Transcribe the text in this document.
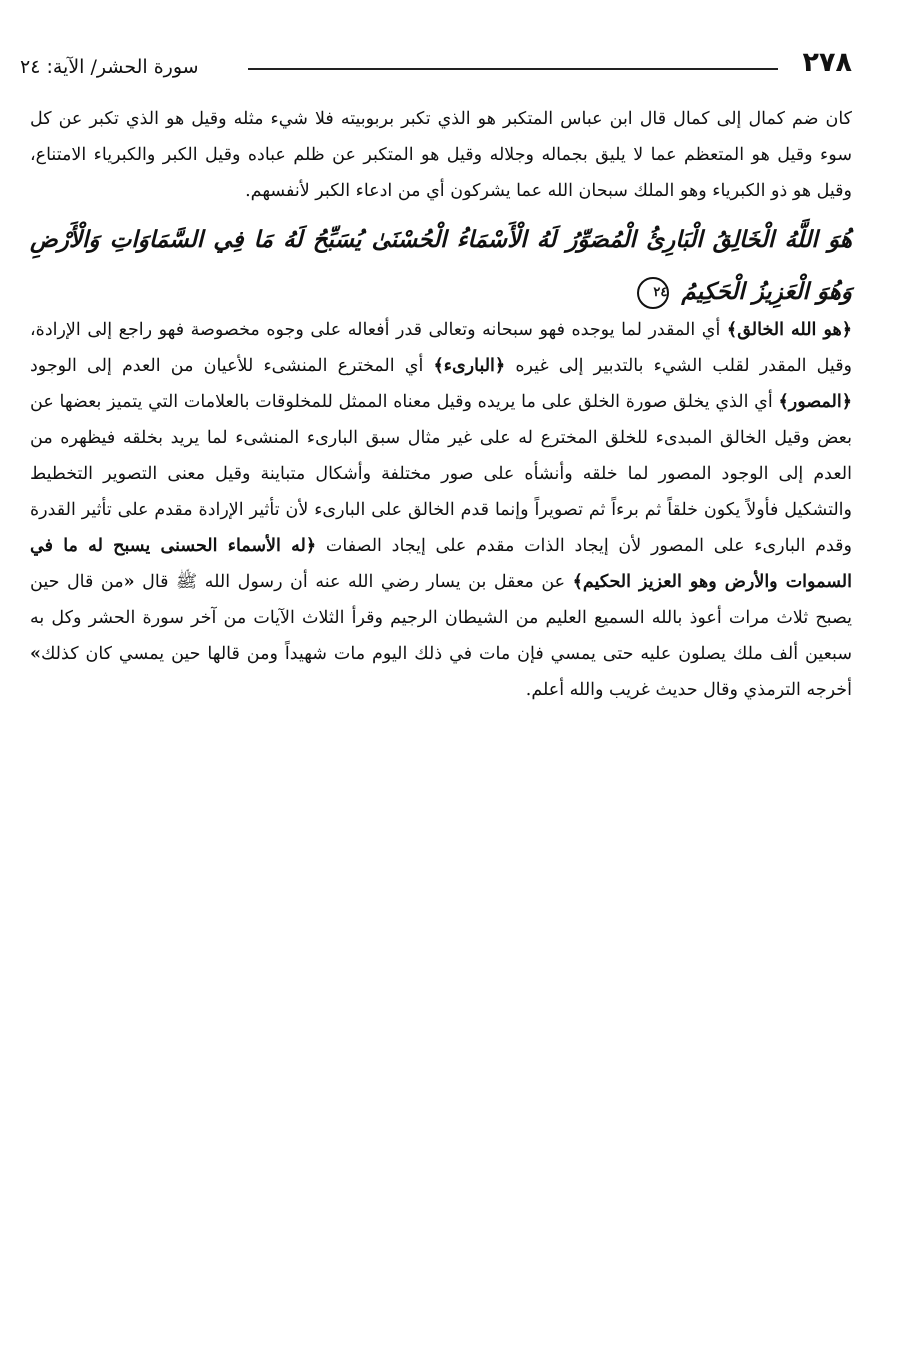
٢٧٨
سورة الحشر/ الآية: ٢٤

كان ضم كمال إلى كمال قال ابن عباس المتكبر هو الذي تكبر بربوبيته فلا شيء مثله وقيل هو الذي تكبر عن كل سوء وقيل هو المتعظم عما لا يليق بجماله وجلاله وقيل هو المتكبر عن ظلم عباده وقيل الكبر والكبرياء الامتناع، وقيل هو ذو الكبرياء وهو الملك سبحان الله عما يشركون أي من ادعاء الكبر لأنفسهم.

هُوَ اللَّهُ الْخَالِقُ الْبَارِئُ الْمُصَوِّرُ لَهُ الْأَسْمَاءُ الْحُسْنَىٰ يُسَبِّحُ لَهُ مَا فِي السَّمَاوَاتِ وَالْأَرْضِ وَهُوَ الْعَزِيزُ الْحَكِيمُ ٢٤

﴿هو الله الخالق﴾ أي المقدر لما يوجده فهو سبحانه وتعالى قدر أفعاله على وجوه مخصوصة فهو راجع إلى الإرادة، وقيل المقدر لقلب الشيء بالتدبير إلى غيره ﴿البارىء﴾ أي المخترع المنشىء للأعيان من العدم إلى الوجود ﴿المصور﴾ أي الذي يخلق صورة الخلق على ما يريده وقيل معناه الممثل للمخلوقات بالعلامات التي يتميز بعضها عن بعض وقيل الخالق المبدىء للخلق المخترع له على غير مثال سبق البارىء المنشىء لما يريد بخلقه فيظهره من العدم إلى الوجود المصور لما خلقه وأنشأه على صور مختلفة وأشكال متباينة وقيل معنى التصوير التخطيط والتشكيل فأولاً يكون خلقاً ثم برءاً ثم تصويراً وإنما قدم الخالق على البارىء لأن تأثير الإرادة مقدم على تأثير القدرة وقدم البارىء على المصور لأن إيجاد الذات مقدم على إيجاد الصفات ﴿له الأسماء الحسنى يسبح له ما في السموات والأرض وهو العزيز الحكيم﴾ عن معقل بن يسار رضي الله عنه أن رسول الله ﷺ قال «من قال حين يصبح ثلاث مرات أعوذ بالله السميع العليم من الشيطان الرجيم وقرأ الثلاث الآيات من آخر سورة الحشر وكل به سبعين ألف ملك يصلون عليه حتى يمسي فإن مات في ذلك اليوم مات شهيداً ومن قالها حين يمسي كان كذلك» أخرجه الترمذي وقال حديث غريب والله أعلم.
